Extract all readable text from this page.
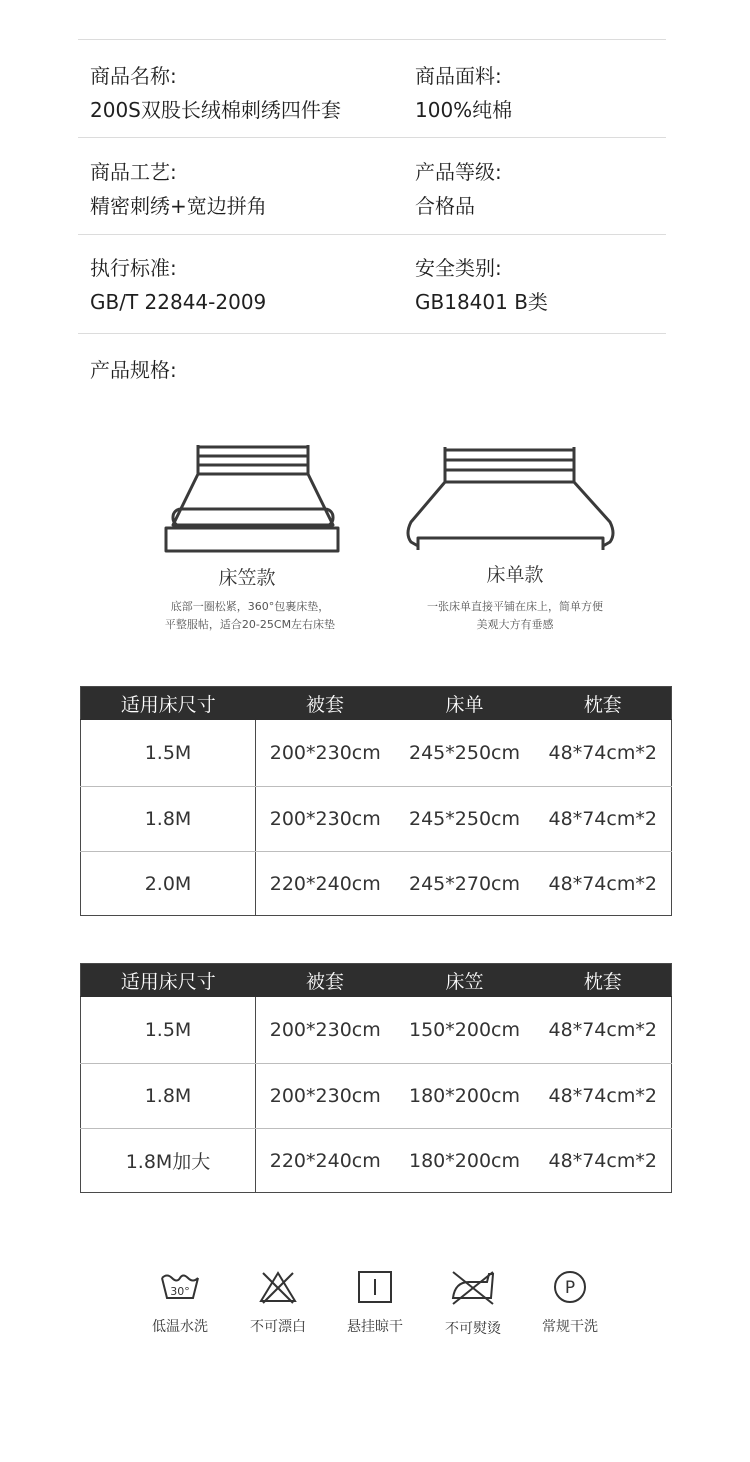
商品名称:
200S双股长绒棉刺绣四件套
商品面料:
100%纯棉
商品工艺:
精密刺绣+宽边拼角
产品等级:
合格品
执行标准:
GB/T 22844-2009
安全类别:
GB18401 B类
产品规格:
床笠款
底部一圈松紧，360°包裹床垫，
平整服帖，适合20-25CM左右床垫
床单款
一张床单直接平铺在床上，简单方便
美观大方有垂感
适用床尺寸	被套	床单	枕套
1.5M	200*230cm	245*250cm	48*74cm*2
1.8M	200*230cm	245*250cm	48*74cm*2
2.0M	220*240cm	245*270cm	48*74cm*2
适用床尺寸	被套	床笠	枕套
1.5M	200*230cm	150*200cm	48*74cm*2
1.8M	200*230cm	180*200cm	48*74cm*2
1.8M加大	220*240cm	180*200cm	48*74cm*2
30°
低温水洗	不可漂白	悬挂晾干	不可熨烫
P
常规干洗
